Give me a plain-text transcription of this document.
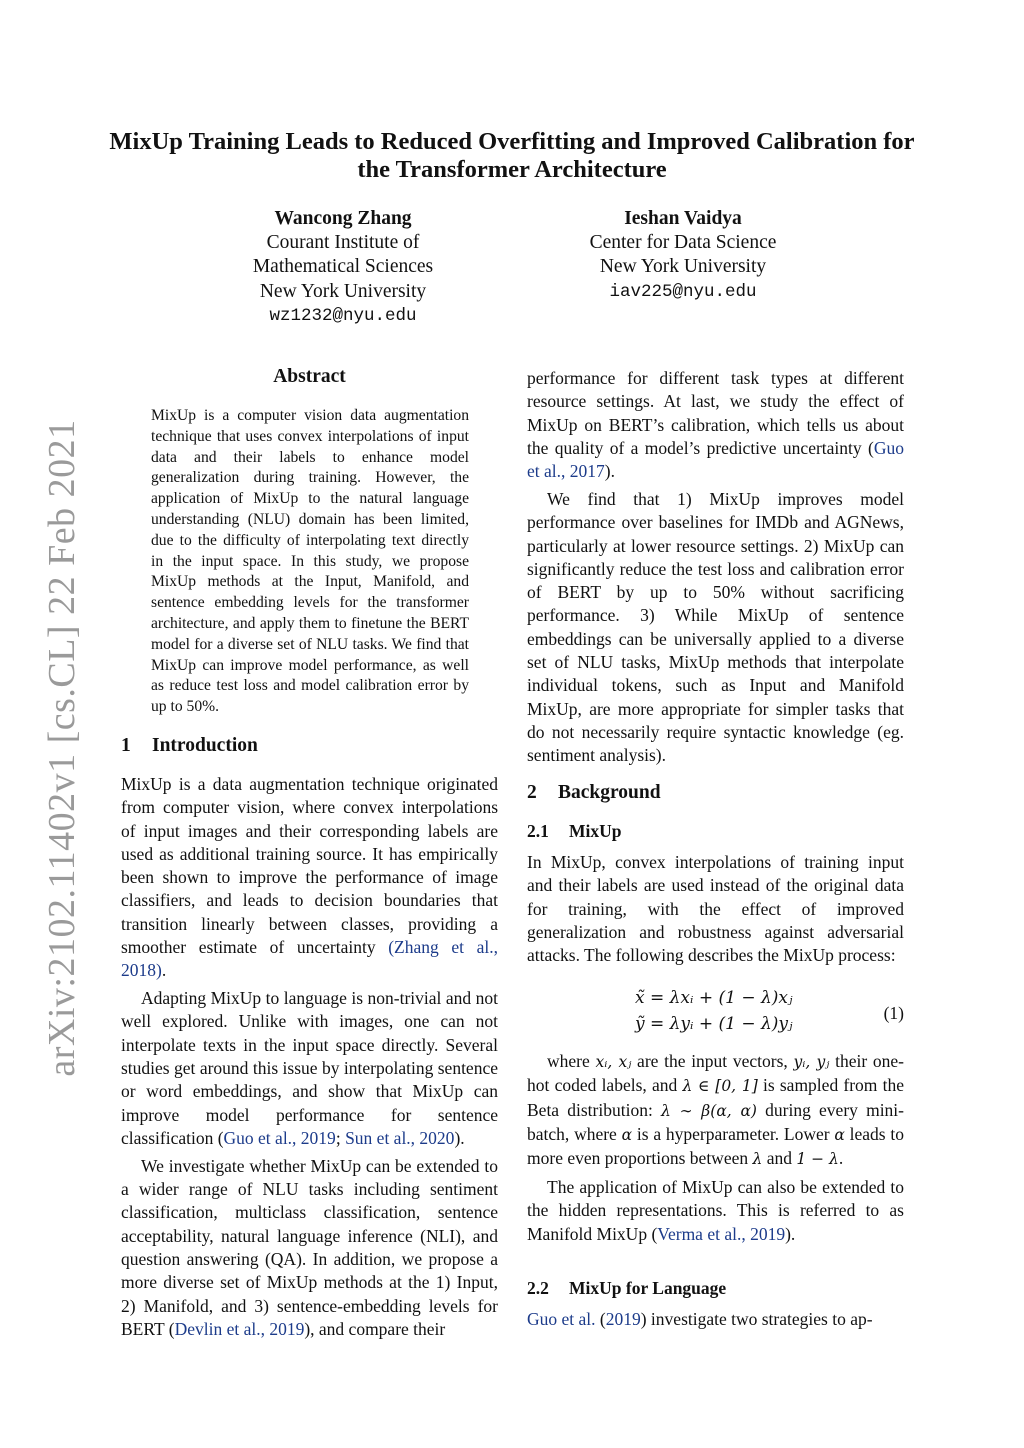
arXiv:2102.11402v1 [cs.CL] 22 Feb 2021
MixUp Training Leads to Reduced Overfitting and Improved Calibration for the Transformer Architecture
Wancong Zhang
Courant Institute of
Mathematical Sciences
New York University
wz1232@nyu.edu
Ieshan Vaidya
Center for Data Science
New York University
iav225@nyu.edu
Abstract
MixUp is a computer vision data augmentation technique that uses convex interpolations of input data and their labels to enhance model generalization during training. However, the application of MixUp to the natural language understanding (NLU) domain has been limited, due to the difficulty of interpolating text directly in the input space. In this study, we propose MixUp methods at the Input, Manifold, and sentence embedding levels for the transformer architecture, and apply them to finetune the BERT model for a diverse set of NLU tasks. We find that MixUp can improve model performance, as well as reduce test loss and model calibration error by up to 50%.
1 Introduction

MixUp is a data augmentation technique originated from computer vision, where convex interpolations of input images and their corresponding labels are used as additional training source. It has empirically been shown to improve the performance of image classifiers, and leads to decision boundaries that transition linearly between classes, providing a smoother estimate of uncertainty (Zhang et al., 2018).

Adapting MixUp to language is non-trivial and not well explored. Unlike with images, one can not interpolate texts in the input space directly. Several studies get around this issue by interpolating sentence or word embeddings, and show that MixUp can improve model performance for sentence classification (Guo et al., 2019; Sun et al., 2020).

We investigate whether MixUp can be extended to a wider range of NLU tasks including sentiment classification, multiclass classification, sentence acceptability, natural language inference (NLI), and question answering (QA). In addition, we propose a more diverse set of MixUp methods at the 1) Input, 2) Manifold, and 3) sentence-embedding levels for BERT (Devlin et al., 2019), and compare their

performance for different task types at different resource settings. At last, we study the effect of MixUp on BERT’s calibration, which tells us about the quality of a model’s predictive uncertainty (Guo et al., 2017).

We find that 1) MixUp improves model performance over baselines for IMDb and AGNews, particularly at lower resource settings. 2) MixUp can significantly reduce the test loss and calibration error of BERT by up to 50% without sacrificing performance. 3) While MixUp of sentence embeddings can be universally applied to a diverse set of NLU tasks, MixUp methods that interpolate individual tokens, such as Input and Manifold MixUp, are more appropriate for simpler tasks that do not necessarily require syntactic knowledge (eg. sentiment analysis).

2 Background
2.1 MixUp

In MixUp, convex interpolations of training input and their labels are used instead of the original data for training, with the effect of improved generalization and robustness against adversarial attacks. The following describes the MixUp process:

x̃ = λxᵢ + (1 − λ)xⱼ
ỹ = λyᵢ + (1 − λ)yⱼ
(1)

where xᵢ, xⱼ are the input vectors, yᵢ, yⱼ their one-hot coded labels, and λ ∈ [0, 1] is sampled from the Beta distribution: λ ∼ β(α, α) during every mini-batch, where α is a hyperparameter. Lower α leads to more even proportions between λ and 1 − λ.

The application of MixUp can also be extended to the hidden representations. This is referred to as Manifold MixUp (Verma et al., 2019).

2.2 MixUp for Language

Guo et al. (2019) investigate two strategies to ap-
